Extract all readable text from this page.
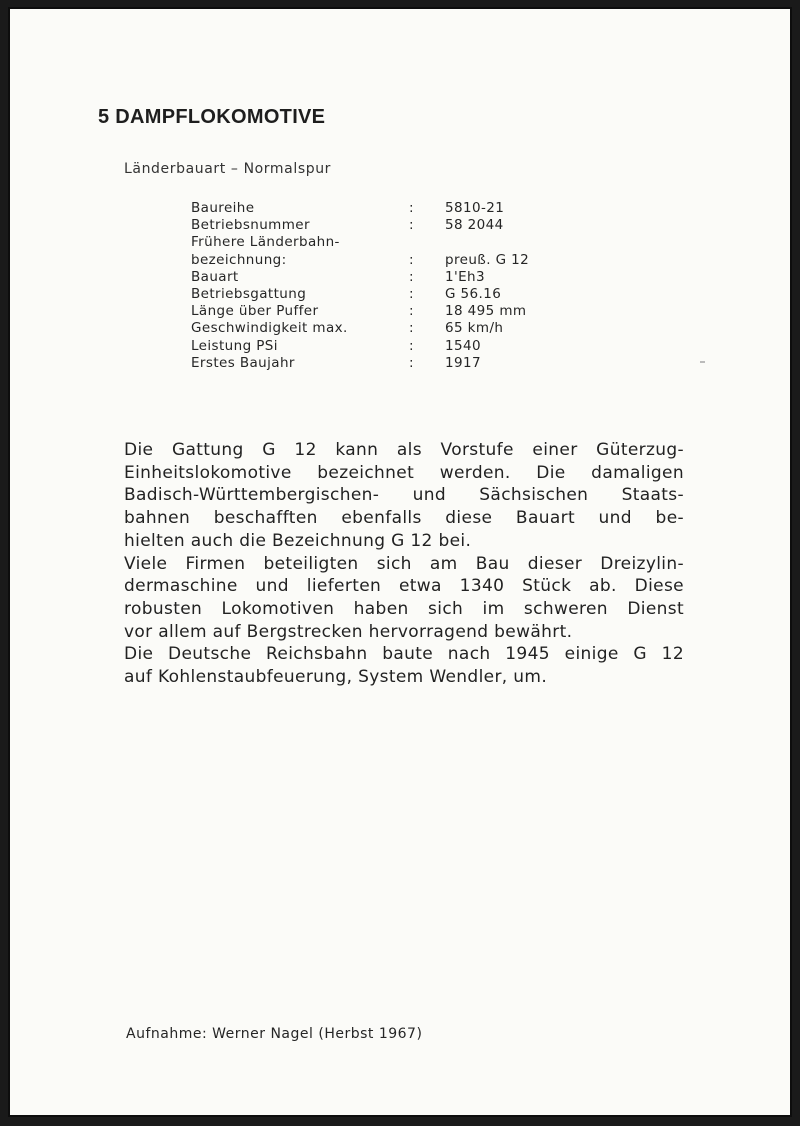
5 DAMPFLOKOMOTIVE

Länderbauart – Normalspur

Baureihe	:	5810-21
Betriebsnummer	:	58 2044
Frühere Länderbahn-
bezeichnung:	:	preuß. G 12
Bauart	:	1'Eh3
Betriebsgattung	:	G 56.16
Länge über Puffer	:	18 495 mm
Geschwindigkeit max.	:	65 km/h
Leistung PSi	:	1540
Erstes Baujahr	:	1917
Die Gattung G 12 kann als Vorstufe einer Güterzug-
Einheitslokomotive bezeichnet werden. Die damaligen
Badisch-Württembergischen- und Sächsischen Staats-
bahnen beschafften ebenfalls diese Bauart und be-
hielten auch die Bezeichnung G 12 bei.
Viele Firmen beteiligten sich am Bau dieser Dreizylin-
dermaschine und lieferten etwa 1340 Stück ab. Diese
robusten Lokomotiven haben sich im schweren Dienst
vor allem auf Bergstrecken hervorragend bewährt.
Die Deutsche Reichsbahn baute nach 1945 einige G 12
auf Kohlenstaubfeuerung, System Wendler, um.

Aufnahme: Werner Nagel (Herbst 1967)
